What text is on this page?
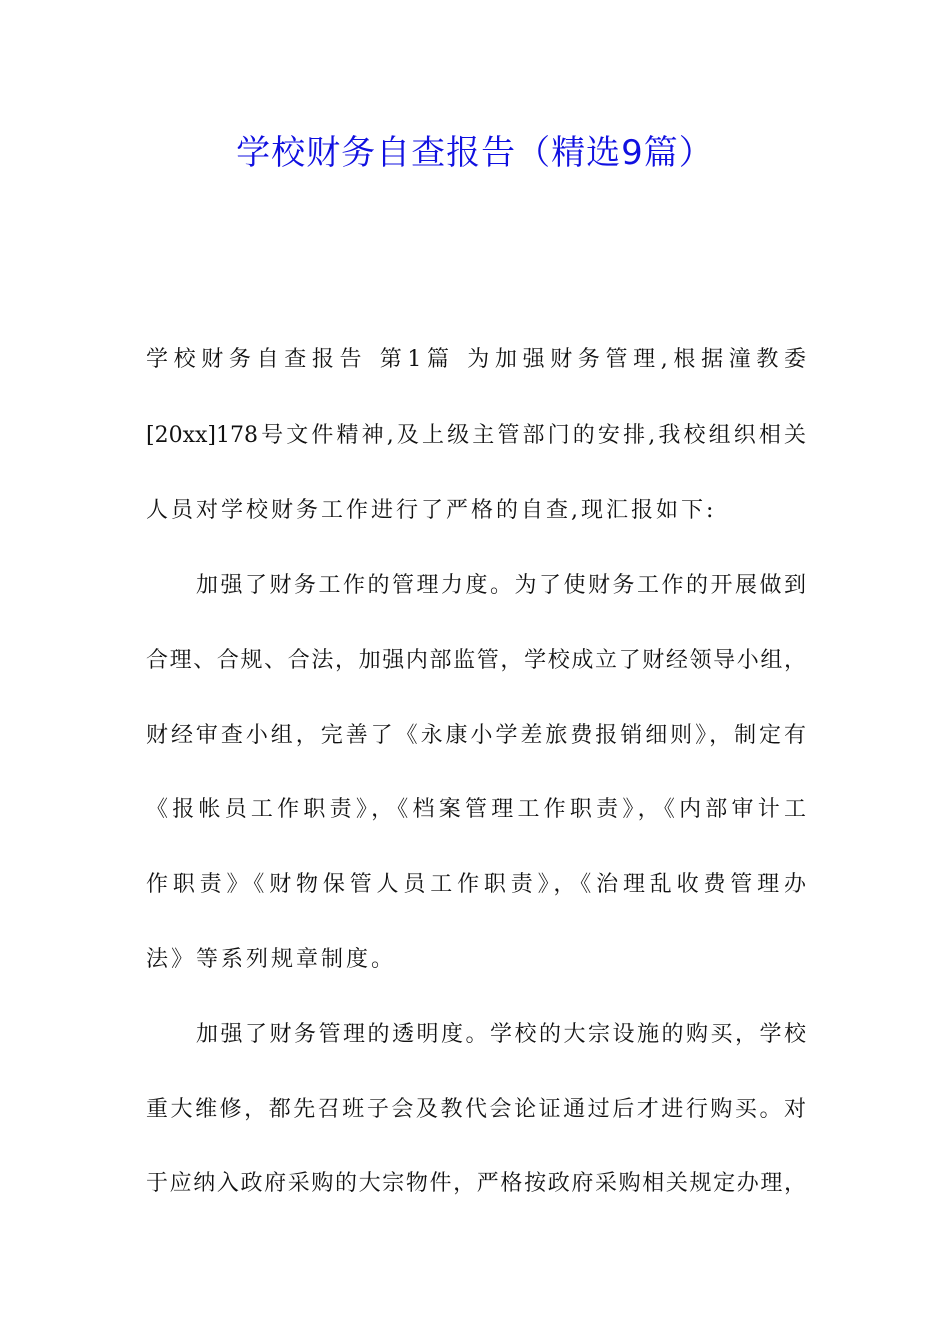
学校财务自查报告（精选9篇）
学校财务自查报告 第1篇 为加强财务管理,根据潼教委
[20xx]178号文件精神,及上级主管部门的安排,我校组织相关
人员对学校财务工作进行了严格的自查,现汇报如下:
加强了财务工作的管理力度。为了使财务工作的开展做到
合理、合规、合法，加强内部监管，学校成立了财经领导小组，
财经审查小组，完善了《永康小学差旅费报销细则》，制定有
《报帐员工作职责》，《档案管理工作职责》，《内部审计工
作职责》《财物保管人员工作职责》，《治理乱收费管理办
法》等系列规章制度。
加强了财务管理的透明度。学校的大宗设施的购买，学校
重大维修，都先召班子会及教代会论证通过后才进行购买。对
于应纳入政府采购的大宗物件，严格按政府采购相关规定办理，
